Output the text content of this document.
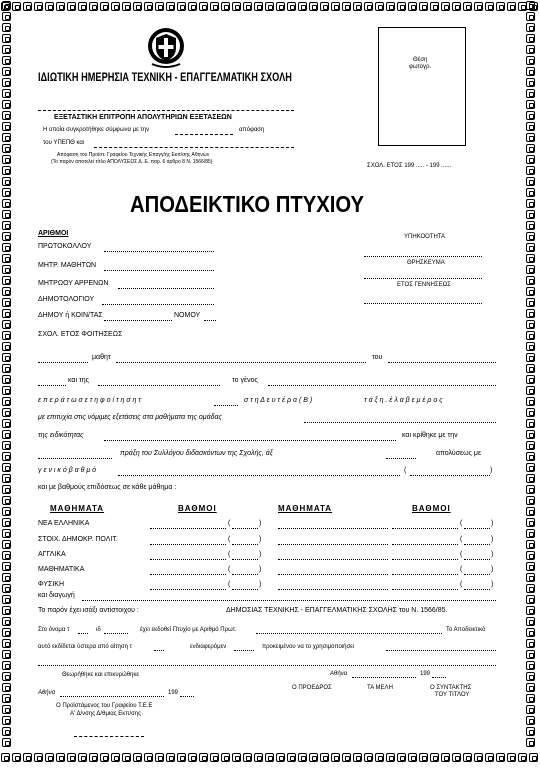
ΙΔΙΩΤΙΚΗ ΗΜΕΡΗΣΙΑ ΤΕΧΝΙΚΗ - ΕΠΑΓΓΕΛΜΑΤΙΚΗ ΣΧΟΛΗ
Θέση
φωτογρ.
ΕΞΕΤΑΣΤΙΚΗ ΕΠΙΤΡΟΠΗ ΑΠΟΛΥΤΗΡΙΩΝ ΕΞΕΤΑΣΕΩΝ
Η οποία συγκροτήθηκε σύμφωνα με την	απόφαση
του ΥΠΕΠΘ και
Απόφαση του Προϊστ. Γραφείου Τεχνικής Επαγγ/ής Εκπ/σης Αθηνών
(Το παρόν αποτελεί τίτλο ΑΠΟΛΥΣΕΩΣ Δ. Ε. παρ. 6 άρθρο 8 Ν. 1566/85)
ΣΧΟΛ. ΕΤΟΣ 199 ..... - 199 ......
ΑΠΟΔΕΙΚΤΙΚΟ ΠΤΥΧΙΟΥ
ΑΡΙΘΜΟΙ
ΠΡΩΤΟΚΟΛΛΟΥ
ΜΗΤΡ. ΜΑΘΗΤΩΝ
ΜΗΤΡΩΟΥ ΑΡΡΕΝΩΝ
ΔΗΜΟΤΟΛΟΓΙΟΥ
ΔΗΜΟΥ ή ΚΟΙΝ/ΤΑΣ	ΝΟΜΟΥ
ΣΧΟΛ. ΕΤΟΣ ΦΟΙΤΗΣΕΩΣ
ΥΠΗΚΟΟΤΗΤΑ
ΘΡΗΣΚΕΥΜΑ
ΕΤΟΣ ΓΕΝΝΗΣΕΩΣ
μαθητ	του
και της	το γένος
ε π ε ρ ά τ ω σ ε τ η φ ο ί τ η σ η τ	σ τ η Δ ε υ τ έ ρ α ( Β )	τ ά ξ η . έ λ α β ε μ έ ρ ο ς
με επιτυχία στις νόμιμες εξετάσεις στα μαθήματα της ομάδας
της ειδικότητας	και κρίθηκε με την
πράξη του Συλλόγου διδασκόντων της Σχολής, άξ	απολύσεως με
γ ε ν ι κ ό β α θ μ ό	(	)
και με βαθμούς επιδόσεως σε κάθε μάθημα :
ΜΑΘΗΜΑΤΑ	ΒΑΘΜΟΙ	ΜΑΘΗΜΑΤΑ	ΒΑΘΜΟΙ
ΝΕΑ ΕΛΛΗΝΙΚΑ	(	)	(	)
ΣΤΟΙΧ. ΔΗΜΟΚΡ. ΠΟΛΙΤ.	(	)	(	)
ΑΓΓΛΙΚΑ	(	)	(	)
ΜΑΘΗΜΑΤΙΚΑ	(	)	(	)
ΦΥΣΙΚΗ	(	)	(	)
και διαγωγή
Το παρόν έχει ισάξι αντίστοιχου :	ΔΗΜΟΣΙΑΣ ΤΕΧΝΙΚΗΣ - ΕΠΑΓΓΕΛΜΑΤΙΚΗΣ ΣΧΟΛΗΣ του Ν. 1566/85.
Στο όνομα τ	ιδ	έχει εκδοθεί Πτυχίο με Αριθμό Πρωτ.	Το Αποδεικτικό
αυτό εκδίδεται ύστερα από αίτηση τ	ενδιαφερόμεν	προκειμένου να το χρησιμοποιήσει
Θεωρήθηκε και επικυρώθηκε	Αθήνα	199
Ο ΠΡΟΕΔΡΟΣ	ΤΑ ΜΕΛΗ	Ο ΣΥΝΤΑΚΤΗΣ
ΤΟΥ ΤΙΤΛΟΥ
Αθήνα	199
Ο Προϊστάμενος του Γραφείου Τ.Ε.Ε
Α' Δ/νσης Δ/θμιας Εκπ/σης
